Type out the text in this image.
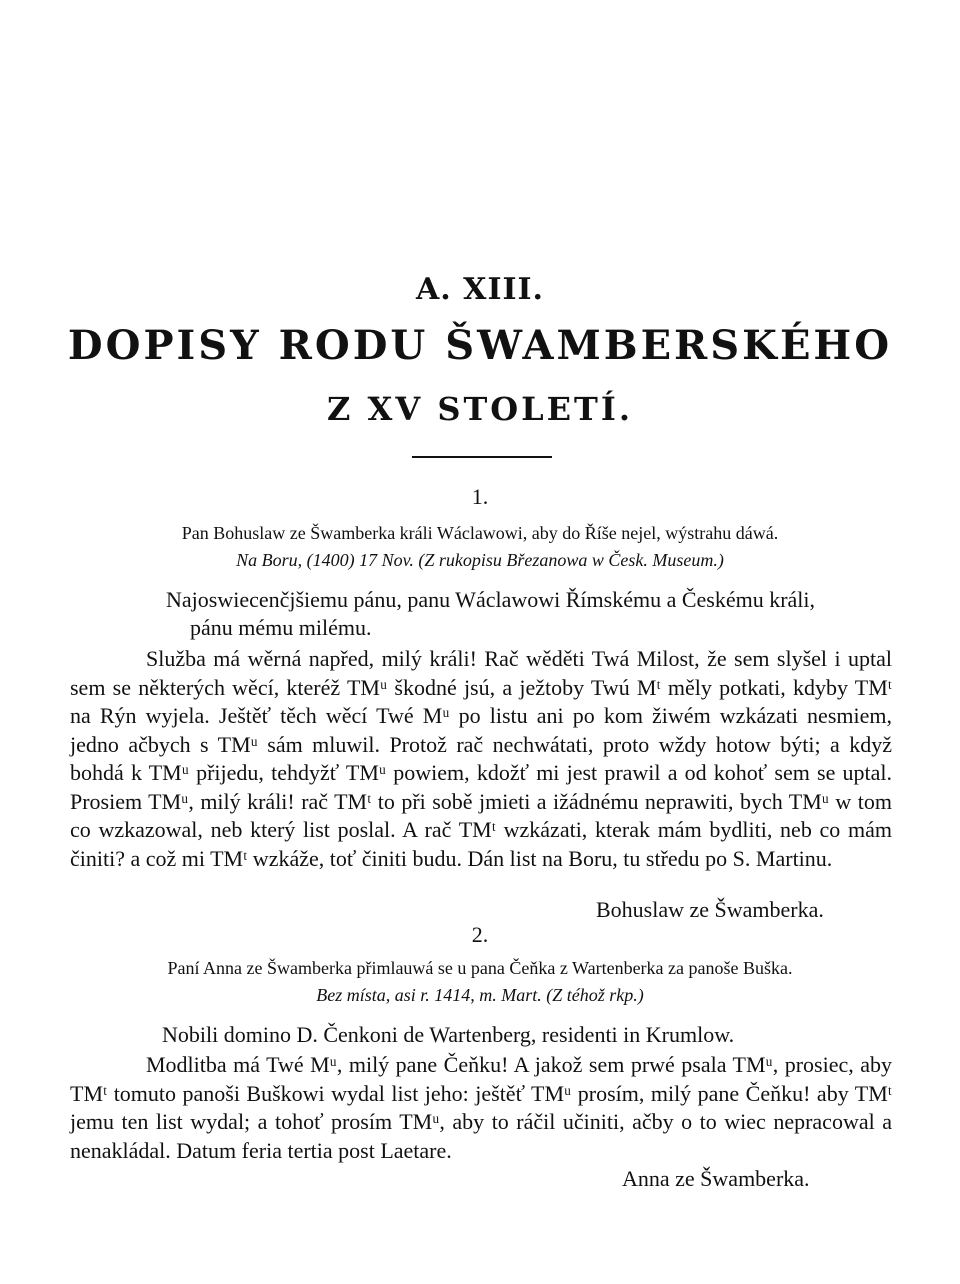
A. XIII.
DOPISY RODU ŠWAMBERSKÉHO
Z XV STOLETÍ.
1.
Pan Bohuslaw ze Šwamberka králi Wáclawowi, aby do Říše nejel, wýstrahu dáwá.
Na Boru, (1400) 17 Nov. (Z rukopisu Březanowa w Česk. Museum.)
Najoswiecenčjšiemu pánu, panu Wáclawowi Římskému a Českému králi,
pánu mému milému.

Služba má wěrná napřed, milý králi! Rač wěděti Twá Milost, že sem slyšel i uptal sem se některých wěcí, kteréž TMᵘ škodné jsú, a ježtoby Twú Mᵗ měly potkati, kdyby TMᵗ na Rýn wyjela. Ještěť těch wěcí Twé Mᵘ po listu ani po kom žiwém wzkázati nesmiem, jedno ačbych s TMᵘ sám mluwil. Protož rač nechwátati, proto wždy hotow býti; a když bohdá k TMᵘ přijedu, tehdyžť TMᵘ powiem, kdožť mi jest prawil a od kohoť sem se uptal. Prosiem TMᵘ, milý králi! rač TMᵗ to při sobě jmieti a ižádnému neprawiti, bych TMᵘ w tom co wzkazowal, neb který list poslal. A rač TMᵗ wzkázati, kterak mám bydliti, neb co mám činiti? a což mi TMᵗ wzkáže, toť činiti budu. Dán list na Boru, tu středu po S. Martinu.

Bohuslaw ze Šwamberka.
2.
Paní Anna ze Šwamberka přimlauwá se u pana Čeňka z Wartenberka za panoše Buška.
Bez místa, asi r. 1414, m. Mart. (Z téhož rkp.)
Nobili domino D. Čenkoni de Wartenberg, residenti in Krumlow.

Modlitba má Twé Mᵘ, milý pane Čeňku! A jakož sem prwé psala TMᵘ, prosiec, aby TMᵗ tomuto panoši Buškowi wydal list jeho: ještěť TMᵘ prosím, milý pane Čeňku! aby TMᵗ jemu ten list wydal; a tohoť prosím TMᵘ, aby to ráčil učiniti, ačby o to wiec nepracowal a nenakládal. Datum feria tertia post Laetare.

Anna ze Šwamberka.
